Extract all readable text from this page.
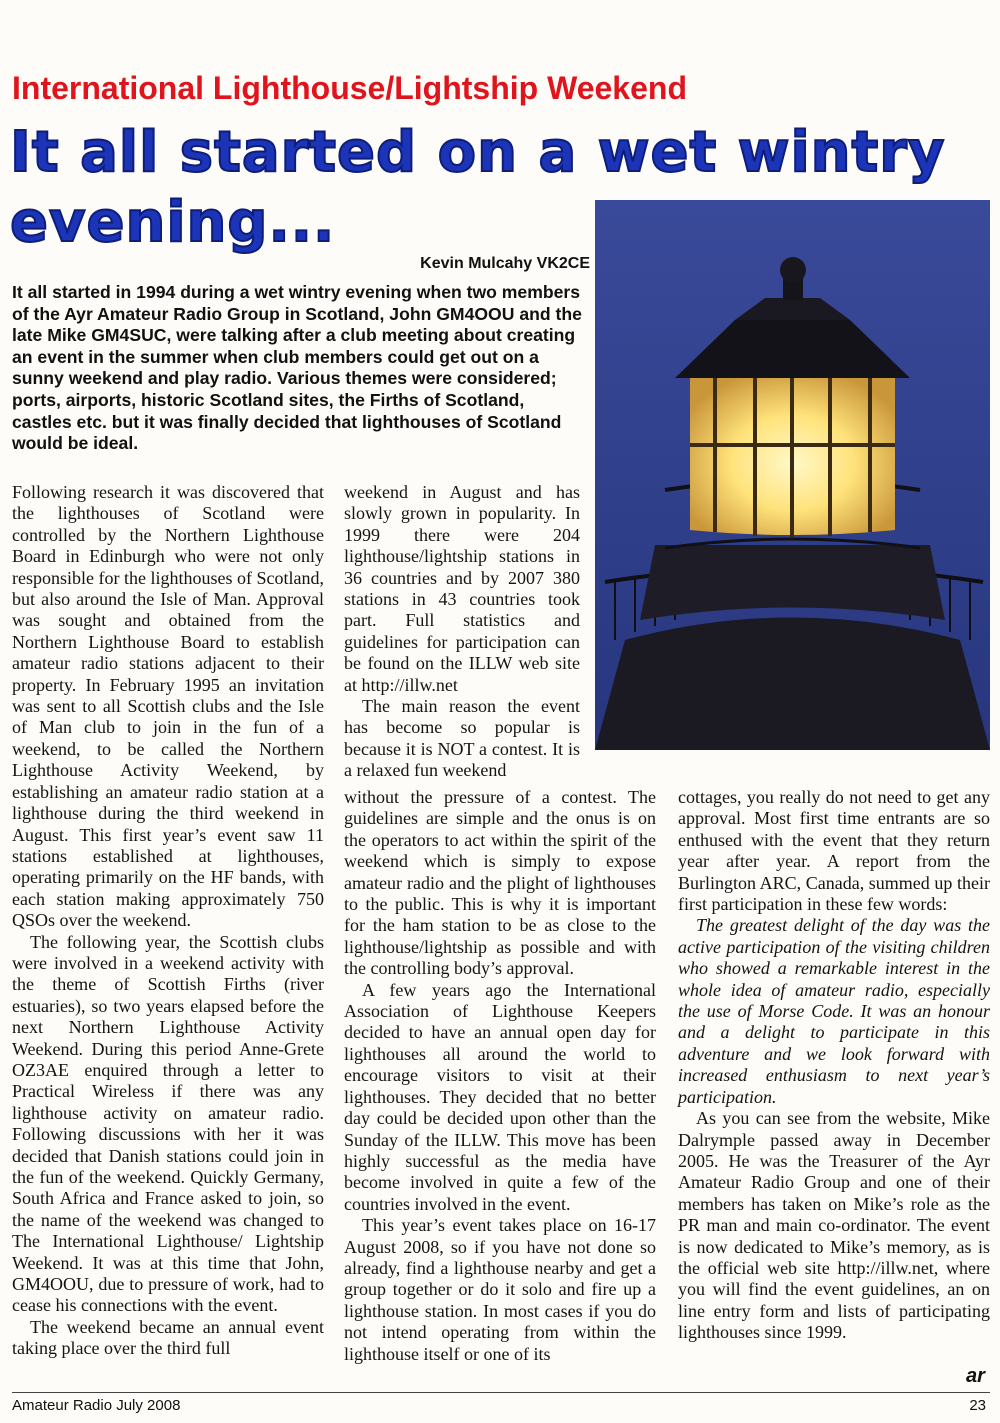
International Lighthouse/Lightship Weekend
It all started on a wet wintry evening...
Kevin Mulcahy VK2CE

It all started in 1994 during a wet wintry evening when two members of the Ayr Amateur Radio Group in Scotland, John GM4OOU and the late Mike GM4SUC, were talking after a club meeting about creating an event in the summer when club members could get out on a sunny weekend and play radio. Various themes were considered; ports, airports, historic Scotland sites, the Firths of Scotland, castles etc. but it was finally decided that lighthouses of Scotland would be ideal.

Following research it was discovered that the lighthouses of Scotland were controlled by the Northern Lighthouse Board in Edinburgh who were not only responsible for the lighthouses of Scotland, but also around the Isle of Man. Approval was sought and obtained from the Northern Lighthouse Board to establish amateur radio stations adjacent to their property. In February 1995 an invitation was sent to all Scottish clubs and the Isle of Man club to join in the fun of a weekend, to be called the Northern Lighthouse Activity Weekend, by establishing an amateur radio station at a lighthouse during the third weekend in August. This first year’s event saw 11 stations established at lighthouses, operating primarily on the HF bands, with each station making approximately 750 QSOs over the weekend.

The following year, the Scottish clubs were involved in a weekend activity with the theme of Scottish Firths (river estuaries), so two years elapsed before the next Northern Lighthouse Activity Weekend. During this period Anne-Grete OZ3AE enquired through a letter to Practical Wireless if there was any lighthouse activity on amateur radio. Following discussions with her it was decided that Danish stations could join in the fun of the weekend. Quickly Germany, South Africa and France asked to join, so the name of the weekend was changed to The International Lighthouse/ Lightship Weekend. It was at this time that John, GM4OOU, due to pressure of work, had to cease his connections with the event.

The weekend became an annual event taking place over the third full

weekend in August and has slowly grown in popularity. In 1999 there were 204 lighthouse/lightship stations in 36 countries and by 2007 380 stations in 43 countries took part. Full statistics and guidelines for participation can be found on the ILLW web site at http://illw.net

The main reason the event has become so popular is because it is NOT a contest. It is a relaxed fun weekend

without the pressure of a contest. The guidelines are simple and the onus is on the operators to act within the spirit of the weekend which is simply to expose amateur radio and the plight of lighthouses to the public. This is why it is important for the ham station to be as close to the lighthouse/lightship as possible and with the controlling body’s approval.

A few years ago the International Association of Lighthouse Keepers decided to have an annual open day for lighthouses all around the world to encourage visitors to visit at their lighthouses. They decided that no better day could be decided upon other than the Sunday of the ILLW. This move has been highly successful as the media have become involved in quite a few of the countries involved in the event.

This year’s event takes place on 16-17 August 2008, so if you have not done so already, find a lighthouse nearby and get a group together or do it solo and fire up a lighthouse station. In most cases if you do not intend operating from within the lighthouse itself or one of its

cottages, you really do not need to get any approval. Most first time entrants are so enthused with the event that they return year after year. A report from the Burlington ARC, Canada, summed up their first participation in these few words:

The greatest delight of the day was the active participation of the visiting children who showed a remarkable interest in the whole idea of amateur radio, especially the use of Morse Code. It was an honour and a delight to participate in this adventure and we look forward with increased enthusiasm to next year’s participation.

As you can see from the website, Mike Dalrymple passed away in December 2005. He was the Treasurer of the Ayr Amateur Radio Group and one of their members has taken on Mike’s role as the PR man and main co-ordinator. The event is now dedicated to Mike’s memory, as is the official web site http://illw.net, where you will find the event guidelines, an on line entry form and lists of participating lighthouses since 1999.

ar
Amateur Radio July 2008	23
